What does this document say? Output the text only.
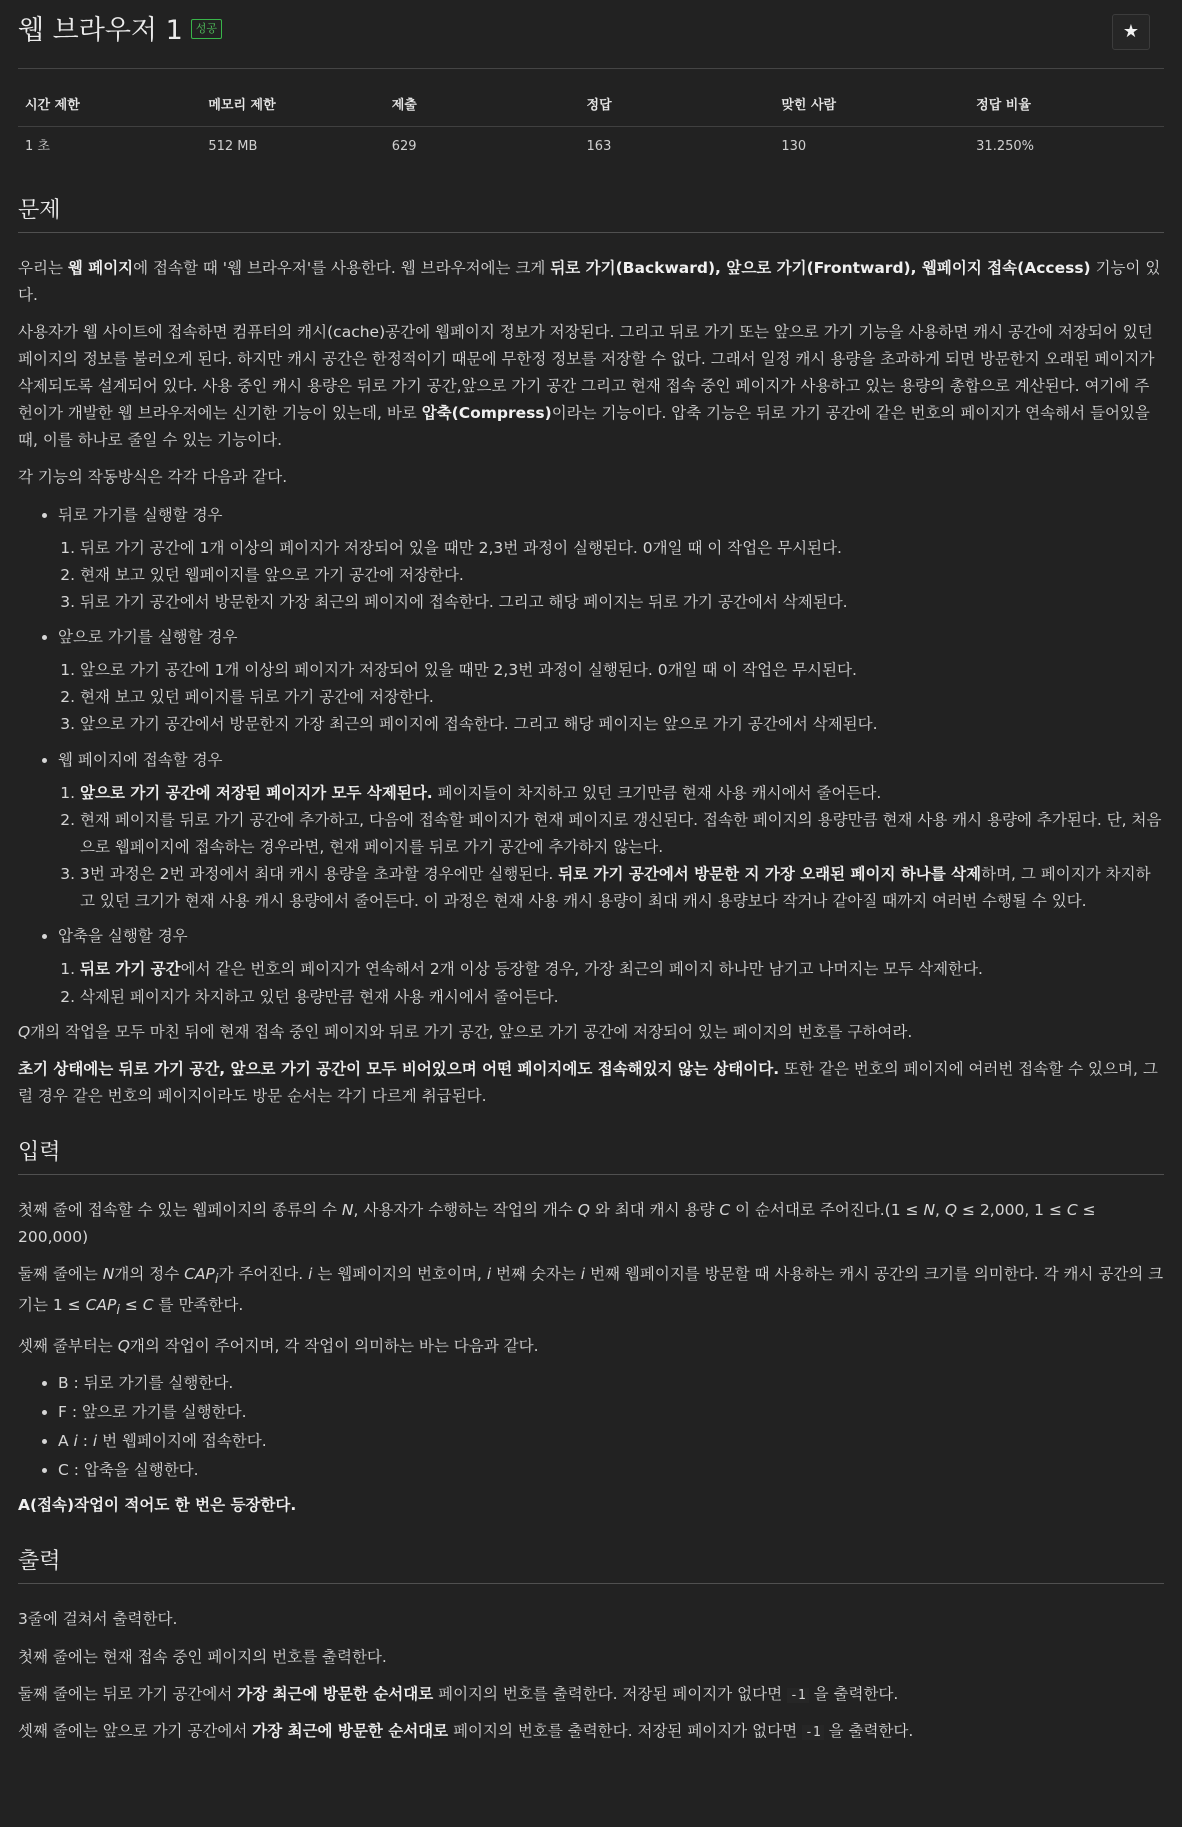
웹 브라우저 1 성공	★
시간 제한	메모리 제한	제출	정답	맞힌 사람	정답 비율
1 초	512 MB	629	163	130	31.250%
문제

우리는 웹 페이지에 접속할 때 '웹 브라우저'를 사용한다. 웹 브라우저에는 크게 뒤로 가기(Backward), 앞으로 가기(Frontward), 웹페이지 접속(Access) 기능이 있다.

사용자가 웹 사이트에 접속하면 컴퓨터의 캐시(cache)공간에 웹페이지 정보가 저장된다. 그리고 뒤로 가기 또는 앞으로 가기 기능을 사용하면 캐시 공간에 저장되어 있던 페이지의 정보를 불러오게 된다. 하지만 캐시 공간은 한정적이기 때문에 무한정 정보를 저장할 수 없다. 그래서 일정 캐시 용량을 초과하게 되면 방문한지 오래된 페이지가 삭제되도록 설계되어 있다. 사용 중인 캐시 용량은 뒤로 가기 공간,앞으로 가기 공간 그리고 현재 접속 중인 페이지가 사용하고 있는 용량의 총합으로 계산된다. 여기에 주헌이가 개발한 웹 브라우저에는 신기한 기능이 있는데, 바로 압축(Compress)이라는 기능이다. 압축 기능은 뒤로 가기 공간에 같은 번호의 페이지가 연속해서 들어있을 때, 이를 하나로 줄일 수 있는 기능이다.

각 기능의 작동방식은 각각 다음과 같다.

• 뒤로 가기를 실행할 경우
1. 뒤로 가기 공간에 1개 이상의 페이지가 저장되어 있을 때만 2,3번 과정이 실행된다. 0개일 때 이 작업은 무시된다.
2. 현재 보고 있던 웹페이지를 앞으로 가기 공간에 저장한다.
3. 뒤로 가기 공간에서 방문한지 가장 최근의 페이지에 접속한다. 그리고 해당 페이지는 뒤로 가기 공간에서 삭제된다.
• 앞으로 가기를 실행할 경우
1. 앞으로 가기 공간에 1개 이상의 페이지가 저장되어 있을 때만 2,3번 과정이 실행된다. 0개일 때 이 작업은 무시된다.
2. 현재 보고 있던 페이지를 뒤로 가기 공간에 저장한다.
3. 앞으로 가기 공간에서 방문한지 가장 최근의 페이지에 접속한다. 그리고 해당 페이지는 앞으로 가기 공간에서 삭제된다.
• 웹 페이지에 접속할 경우
1. 앞으로 가기 공간에 저장된 페이지가 모두 삭제된다. 페이지들이 차지하고 있던 크기만큼 현재 사용 캐시에서 줄어든다.
2. 현재 페이지를 뒤로 가기 공간에 추가하고, 다음에 접속할 페이지가 현재 페이지로 갱신된다. 접속한 페이지의 용량만큼 현재 사용 캐시 용량에 추가된다. 단, 처음으로 웹페이지에 접속하는 경우라면, 현재 페이지를 뒤로 가기 공간에 추가하지 않는다.
3. 3번 과정은 2번 과정에서 최대 캐시 용량을 초과할 경우에만 실행된다. 뒤로 가기 공간에서 방문한 지 가장 오래된 페이지 하나를 삭제하며, 그 페이지가 차지하고 있던 크기가 현재 사용 캐시 용량에서 줄어든다. 이 과정은 현재 사용 캐시 용량이 최대 캐시 용량보다 작거나 같아질 때까지 여러번 수행될 수 있다.
• 압축을 실행할 경우
1. 뒤로 가기 공간에서 같은 번호의 페이지가 연속해서 2개 이상 등장할 경우, 가장 최근의 페이지 하나만 남기고 나머지는 모두 삭제한다.
2. 삭제된 페이지가 차지하고 있던 용량만큼 현재 사용 캐시에서 줄어든다.

Q개의 작업을 모두 마친 뒤에 현재 접속 중인 페이지와 뒤로 가기 공간, 앞으로 가기 공간에 저장되어 있는 페이지의 번호를 구하여라.

초기 상태에는 뒤로 가기 공간, 앞으로 가기 공간이 모두 비어있으며 어떤 페이지에도 접속해있지 않는 상태이다. 또한 같은 번호의 페이지에 여러번 접속할 수 있으며, 그럴 경우 같은 번호의 페이지이라도 방문 순서는 각기 다르게 취급된다.

입력

첫째 줄에 접속할 수 있는 웹페이지의 종류의 수 N, 사용자가 수행하는 작업의 개수 Q 와 최대 캐시 용량 C 이 순서대로 주어진다.(1 ≤ N, Q ≤ 2,000, 1 ≤ C ≤ 200,000)

둘째 줄에는 N개의 정수 $CAP_i$가 주어진다. i 는 웹페이지의 번호이며, i 번째 숫자는 i 번째 웹페이지를 방문할 때 사용하는 캐시 공간의 크기를 의미한다. 각 캐시 공간의 크기는 $1 \le CAP_i \le C$ 를 만족한다.

셋째 줄부터는 Q개의 작업이 주어지며, 각 작업이 의미하는 바는 다음과 같다.

• B : 뒤로 가기를 실행한다.
• F : 앞으로 가기를 실행한다.
• A i : i 번 웹페이지에 접속한다.
• C : 압축을 실행한다.

A(접속)작업이 적어도 한 번은 등장한다.

출력

3줄에 걸쳐서 출력한다.

첫째 줄에는 현재 접속 중인 페이지의 번호를 출력한다.

둘째 줄에는 뒤로 가기 공간에서 가장 최근에 방문한 순서대로 페이지의 번호를 출력한다. 저장된 페이지가 없다면 -1 을 출력한다.

셋째 줄에는 앞으로 가기 공간에서 가장 최근에 방문한 순서대로 페이지의 번호를 출력한다. 저장된 페이지가 없다면 -1 을 출력한다.
